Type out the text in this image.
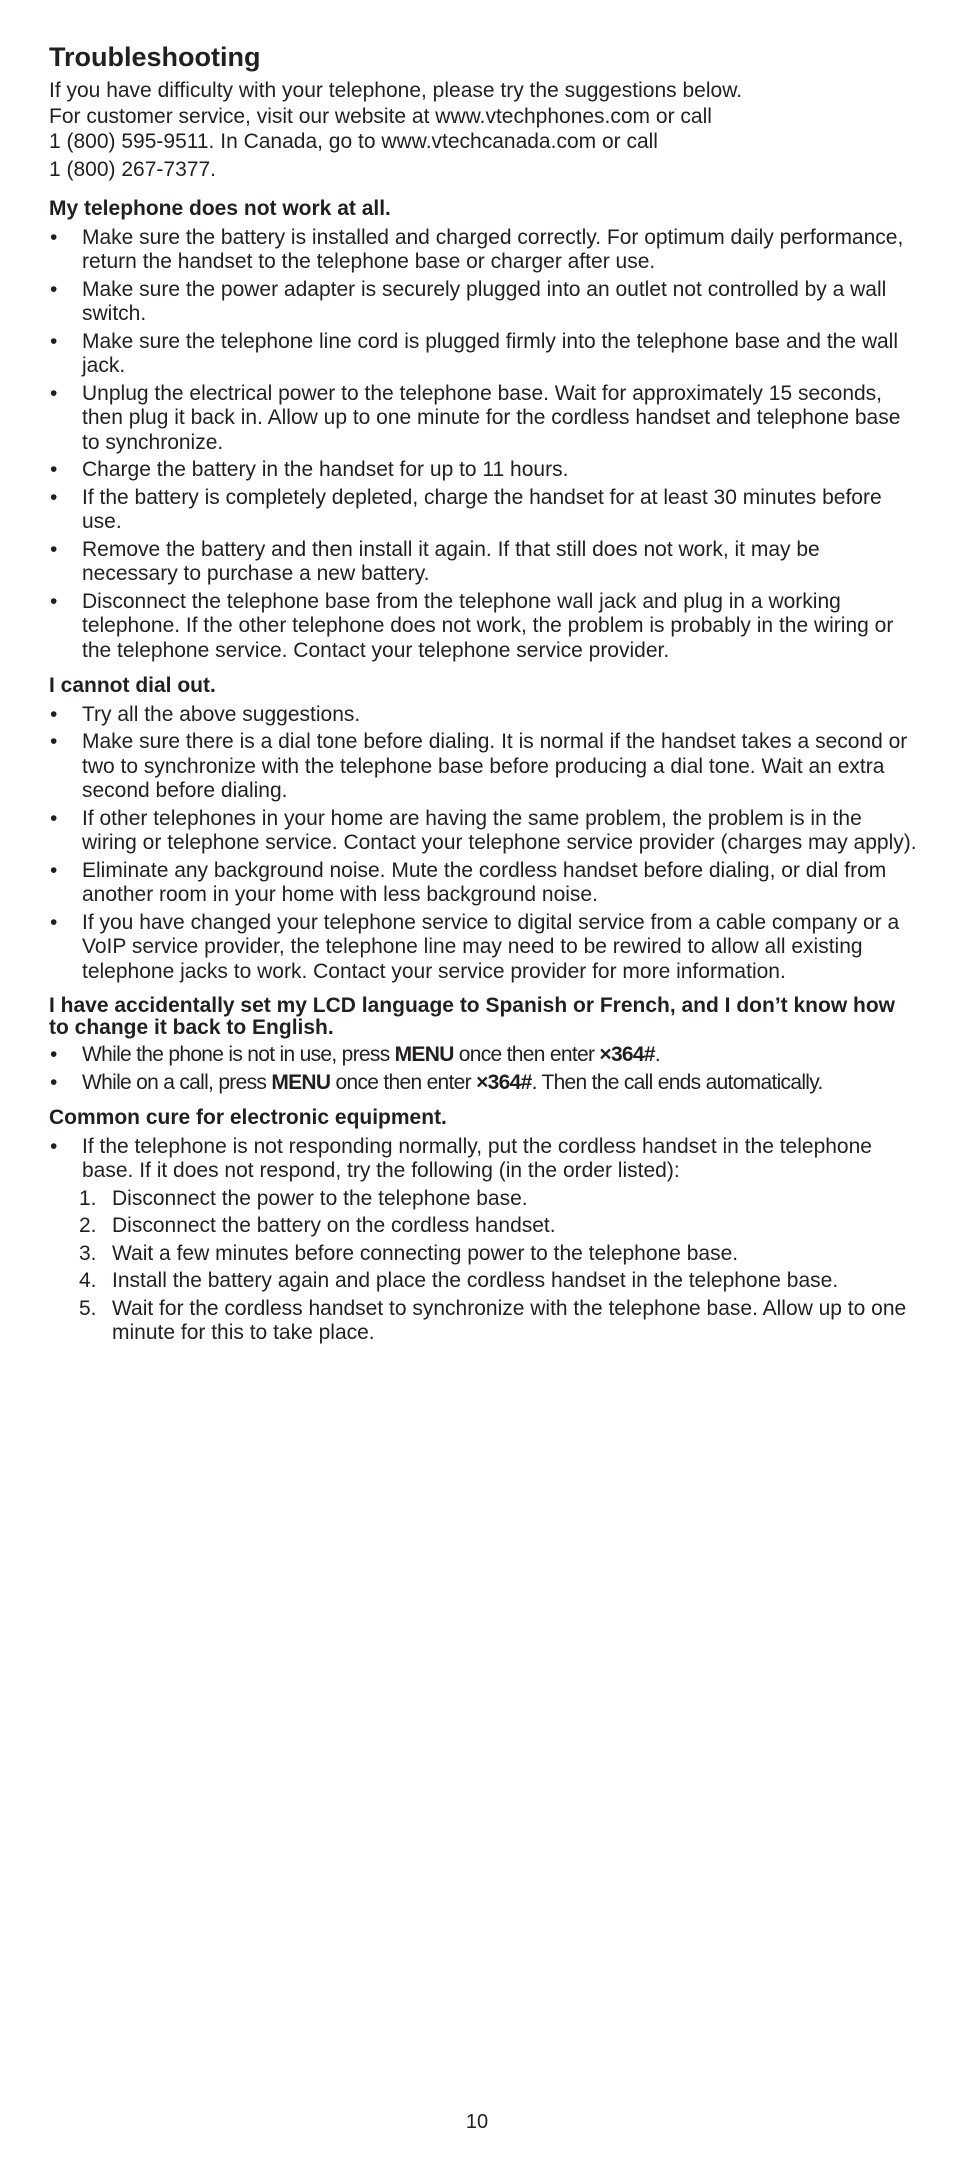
Troubleshooting

If you have difficulty with your telephone, please try the suggestions below.

For customer service, visit our website at www.vtechphones.com or call

1 (800) 595-9511. In Canada, go to www.vtechcanada.com or call

1 (800) 267-7377.

My telephone does not work at all.
• Make sure the battery is installed and charged correctly. For optimum daily performance, return the handset to the telephone base or charger after use.
• Make sure the power adapter is securely plugged into an outlet not controlled by a wall switch.
• Make sure the telephone line cord is plugged firmly into the telephone base and the wall jack.
• Unplug the electrical power to the telephone base. Wait for approximately 15 seconds, then plug it back in. Allow up to one minute for the cordless handset and telephone base to synchronize.
• Charge the battery in the handset for up to 11 hours.
• If the battery is completely depleted, charge the handset for at least 30 minutes before use.
• Remove the battery and then install it again. If that still does not work, it may be necessary to purchase a new battery.
• Disconnect the telephone base from the telephone wall jack and plug in a working telephone. If the other telephone does not work, the problem is probably in the wiring or the telephone service. Contact your telephone service provider.
I cannot dial out.
• Try all the above suggestions.
• Make sure there is a dial tone before dialing. It is normal if the handset takes a second or two to synchronize with the telephone base before producing a dial tone. Wait an extra second before dialing.
• If other telephones in your home are having the same problem, the problem is in the wiring or telephone service. Contact your telephone service provider (charges may apply).
• Eliminate any background noise. Mute the cordless handset before dialing, or dial from another room in your home with less background noise.
• If you have changed your telephone service to digital service from a cable company or a VoIP service provider, the telephone line may need to be rewired to allow all existing telephone jacks to work. Contact your service provider for more information.
I have accidentally set my LCD language to Spanish or French, and I don’t know how to change it back to English.
• While the phone is not in use, press MENU once then enter ×364#.
• While on a call, press MENU once then enter ×364#. Then the call ends automatically.
Common cure for electronic equipment.
• If the telephone is not responding normally, put the cordless handset in the telephone base. If it does not respond, try the following (in the order listed):
1. Disconnect the power to the telephone base.
2. Disconnect the battery on the cordless handset.
3. Wait a few minutes before connecting power to the telephone base.
4. Install the battery again and place the cordless handset in the telephone base.
5. Wait for the cordless handset to synchronize with the telephone base. Allow up to one minute for this to take place.
10
